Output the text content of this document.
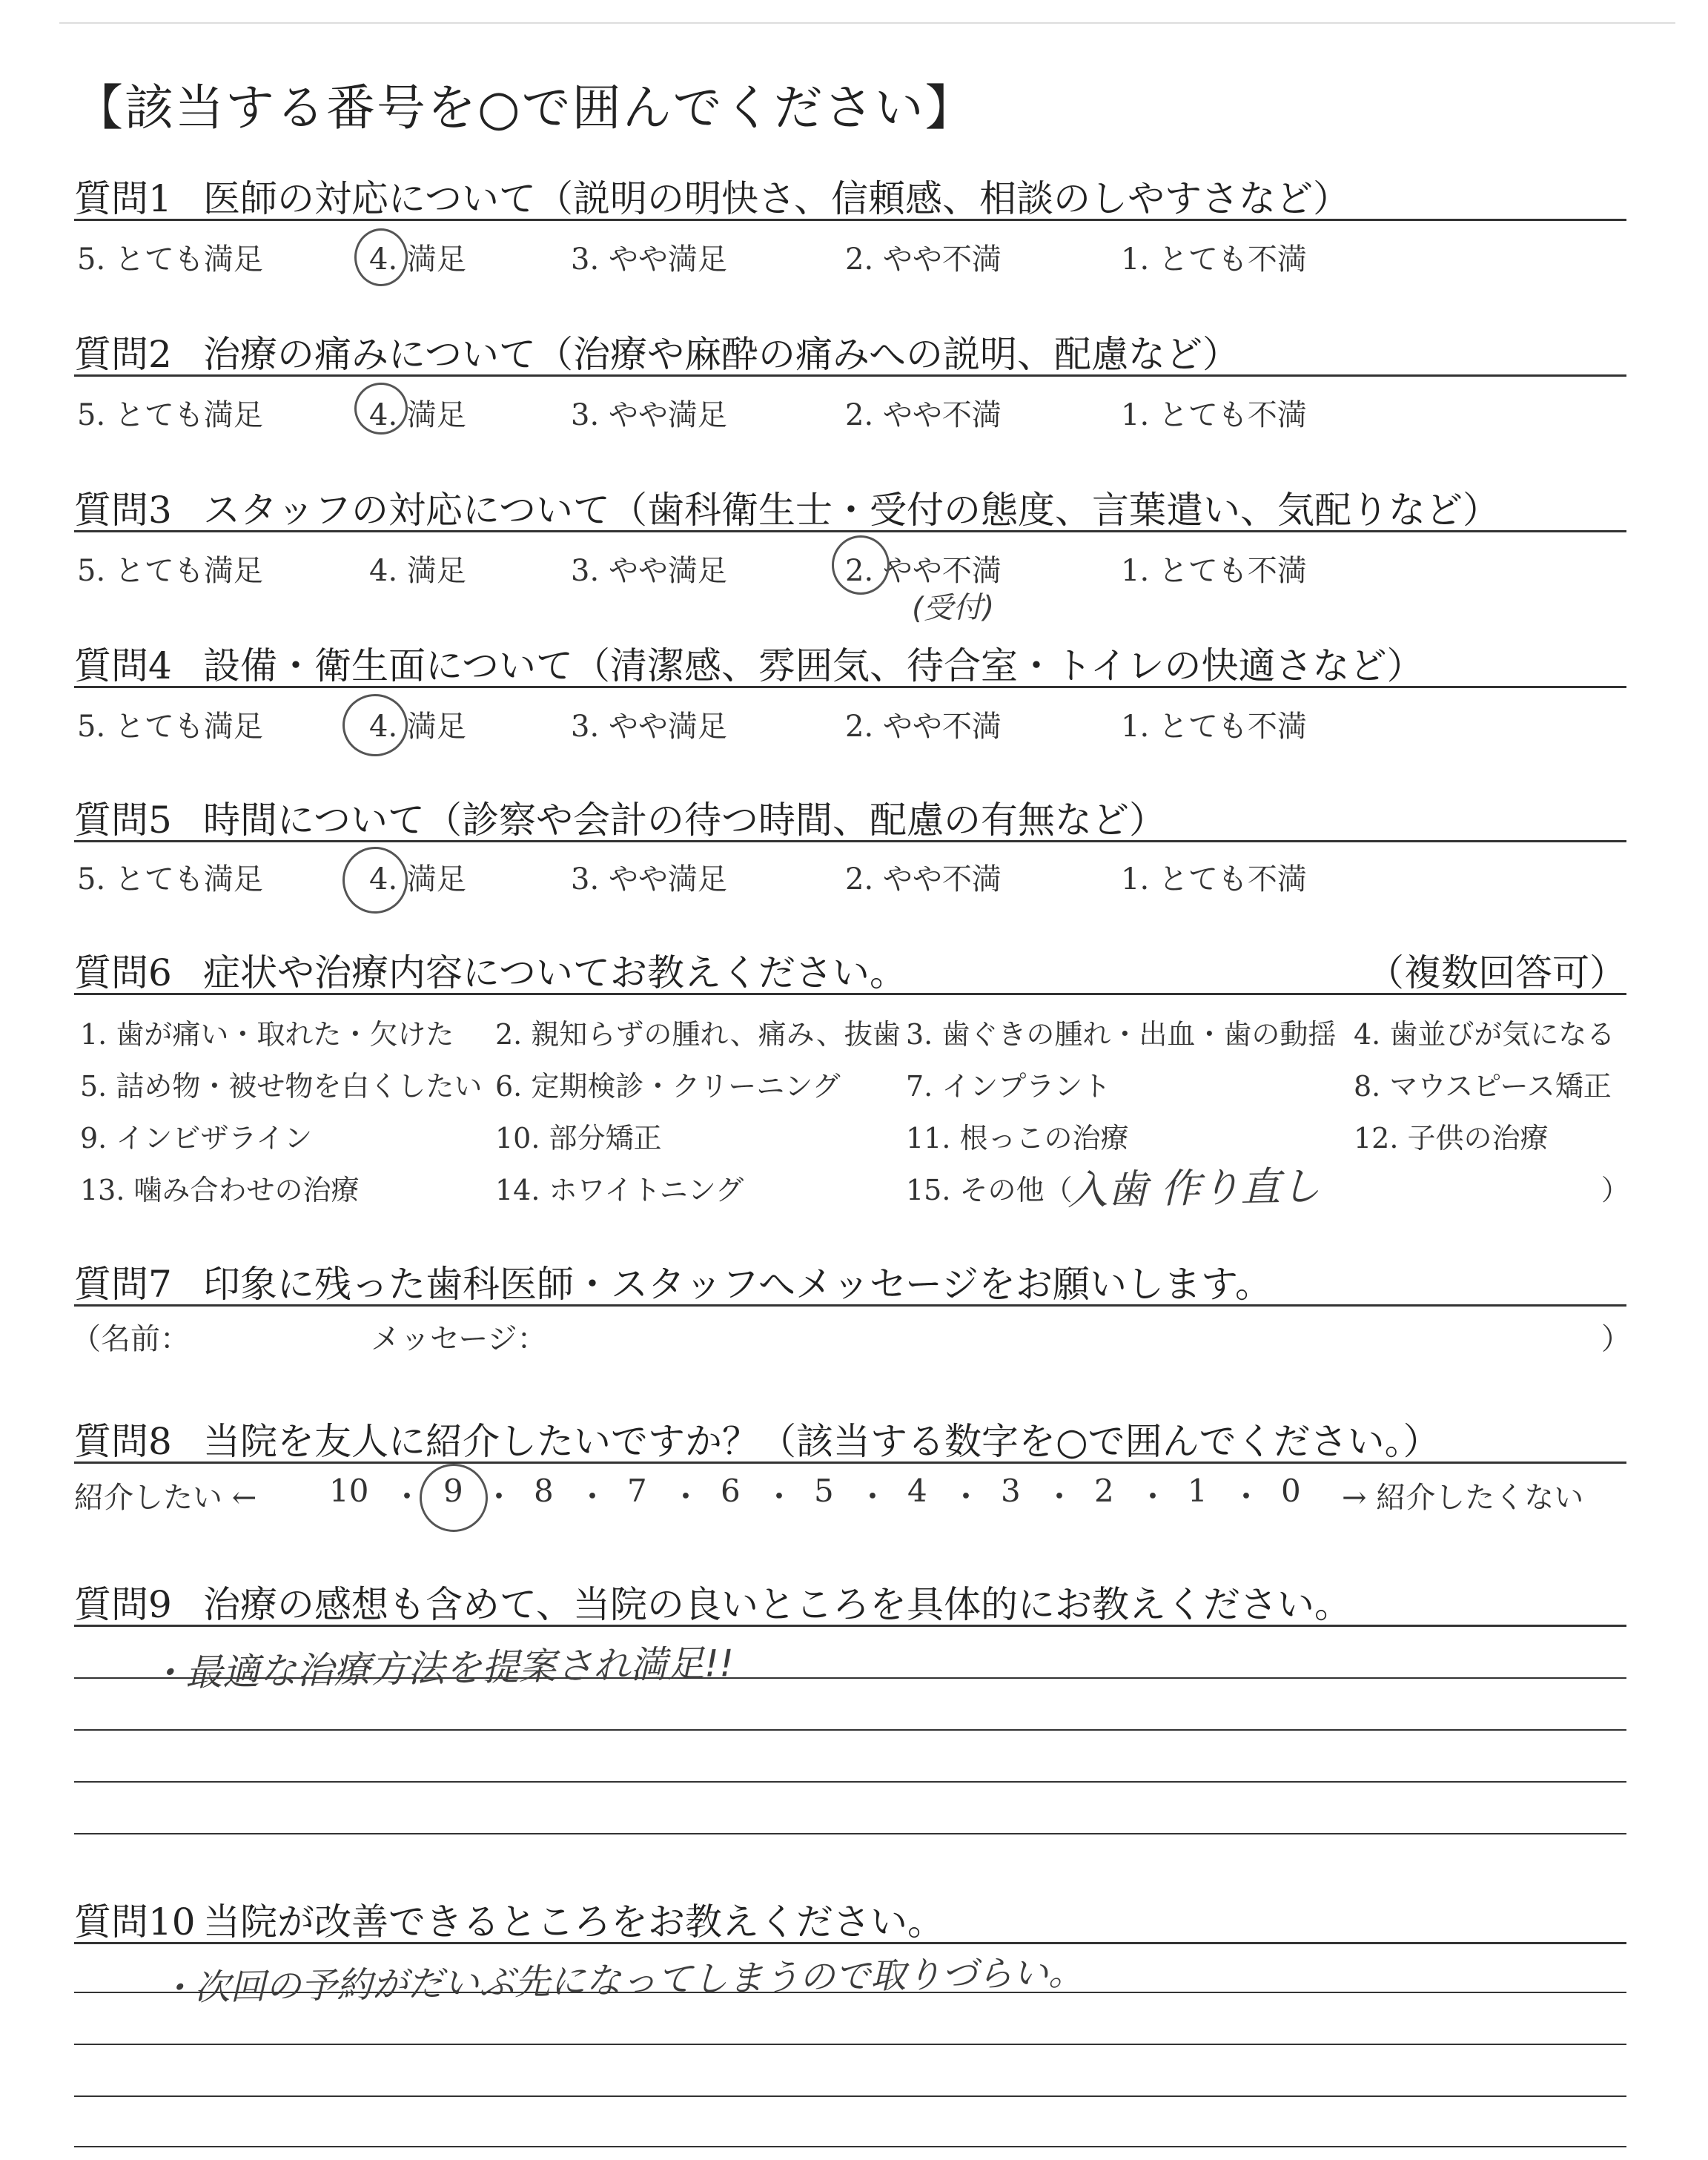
【該当する番号を○で囲んでください】
質問1 医師の対応について（説明の明快さ、信頼感、相談のしやすさなど）
5. とても満足	4. 満足	3. やや満足	2. やや不満	1. とても不満
質問2 治療の痛みについて（治療や麻酔の痛みへの説明、配慮など）
5. とても満足	4. 満足	3. やや満足	2. やや不満	1. とても不満
質問3 スタッフの対応について（歯科衛生士・受付の態度、言葉遣い、気配りなど）
5. とても満足	4. 満足	3. やや満足	2. やや不満	1. とても不満
(受付)
質問4 設備・衛生面について（清潔感、雰囲気、待合室・トイレの快適さなど）
5. とても満足	4. 満足	3. やや満足	2. やや不満	1. とても不満
質問5 時間について（診察や会計の待つ時間、配慮の有無など）
5. とても満足	4. 満足	3. やや満足	2. やや不満	1. とても不満
質問6 症状や治療内容についてお教えください。	（複数回答可）
1. 歯が痛い・取れた・欠けた 2. 親知らずの腫れ、痛み、抜歯 3. 歯ぐきの腫れ・出血・歯の動揺 4. 歯並びが気になる
5. 詰め物・被せ物を白くしたい 6. 定期検診・クリーニング 7. インプラント	8. マウスピース矯正
9. インビザライン	10. 部分矯正	11. 根っこの治療	12. 子供の治療
13. 噛み合わせの治療	14. ホワイトニング	15. その他（	）
入歯 作り直し
質問7 印象に残った歯科医師・スタッフへメッセージをお願いします。
（名前：	メッセージ：	）
質問8 当院を友人に紹介したいですか？（該当する数字を○で囲んでください。）
紹介したい ←	→ 紹介したくない
10 9 8 7 6 5 4 3 2 1 0
・ ・ ・ ・ ・ ・ ・ ・ ・ ・
質問9 治療の感想も含めて、当院の良いところを具体的にお教えください。
・最適な治療方法を提案され満足!!
質問10 当院が改善できるところをお教えください。
・次回の予約がだいぶ先になってしまうので取りづらい。
